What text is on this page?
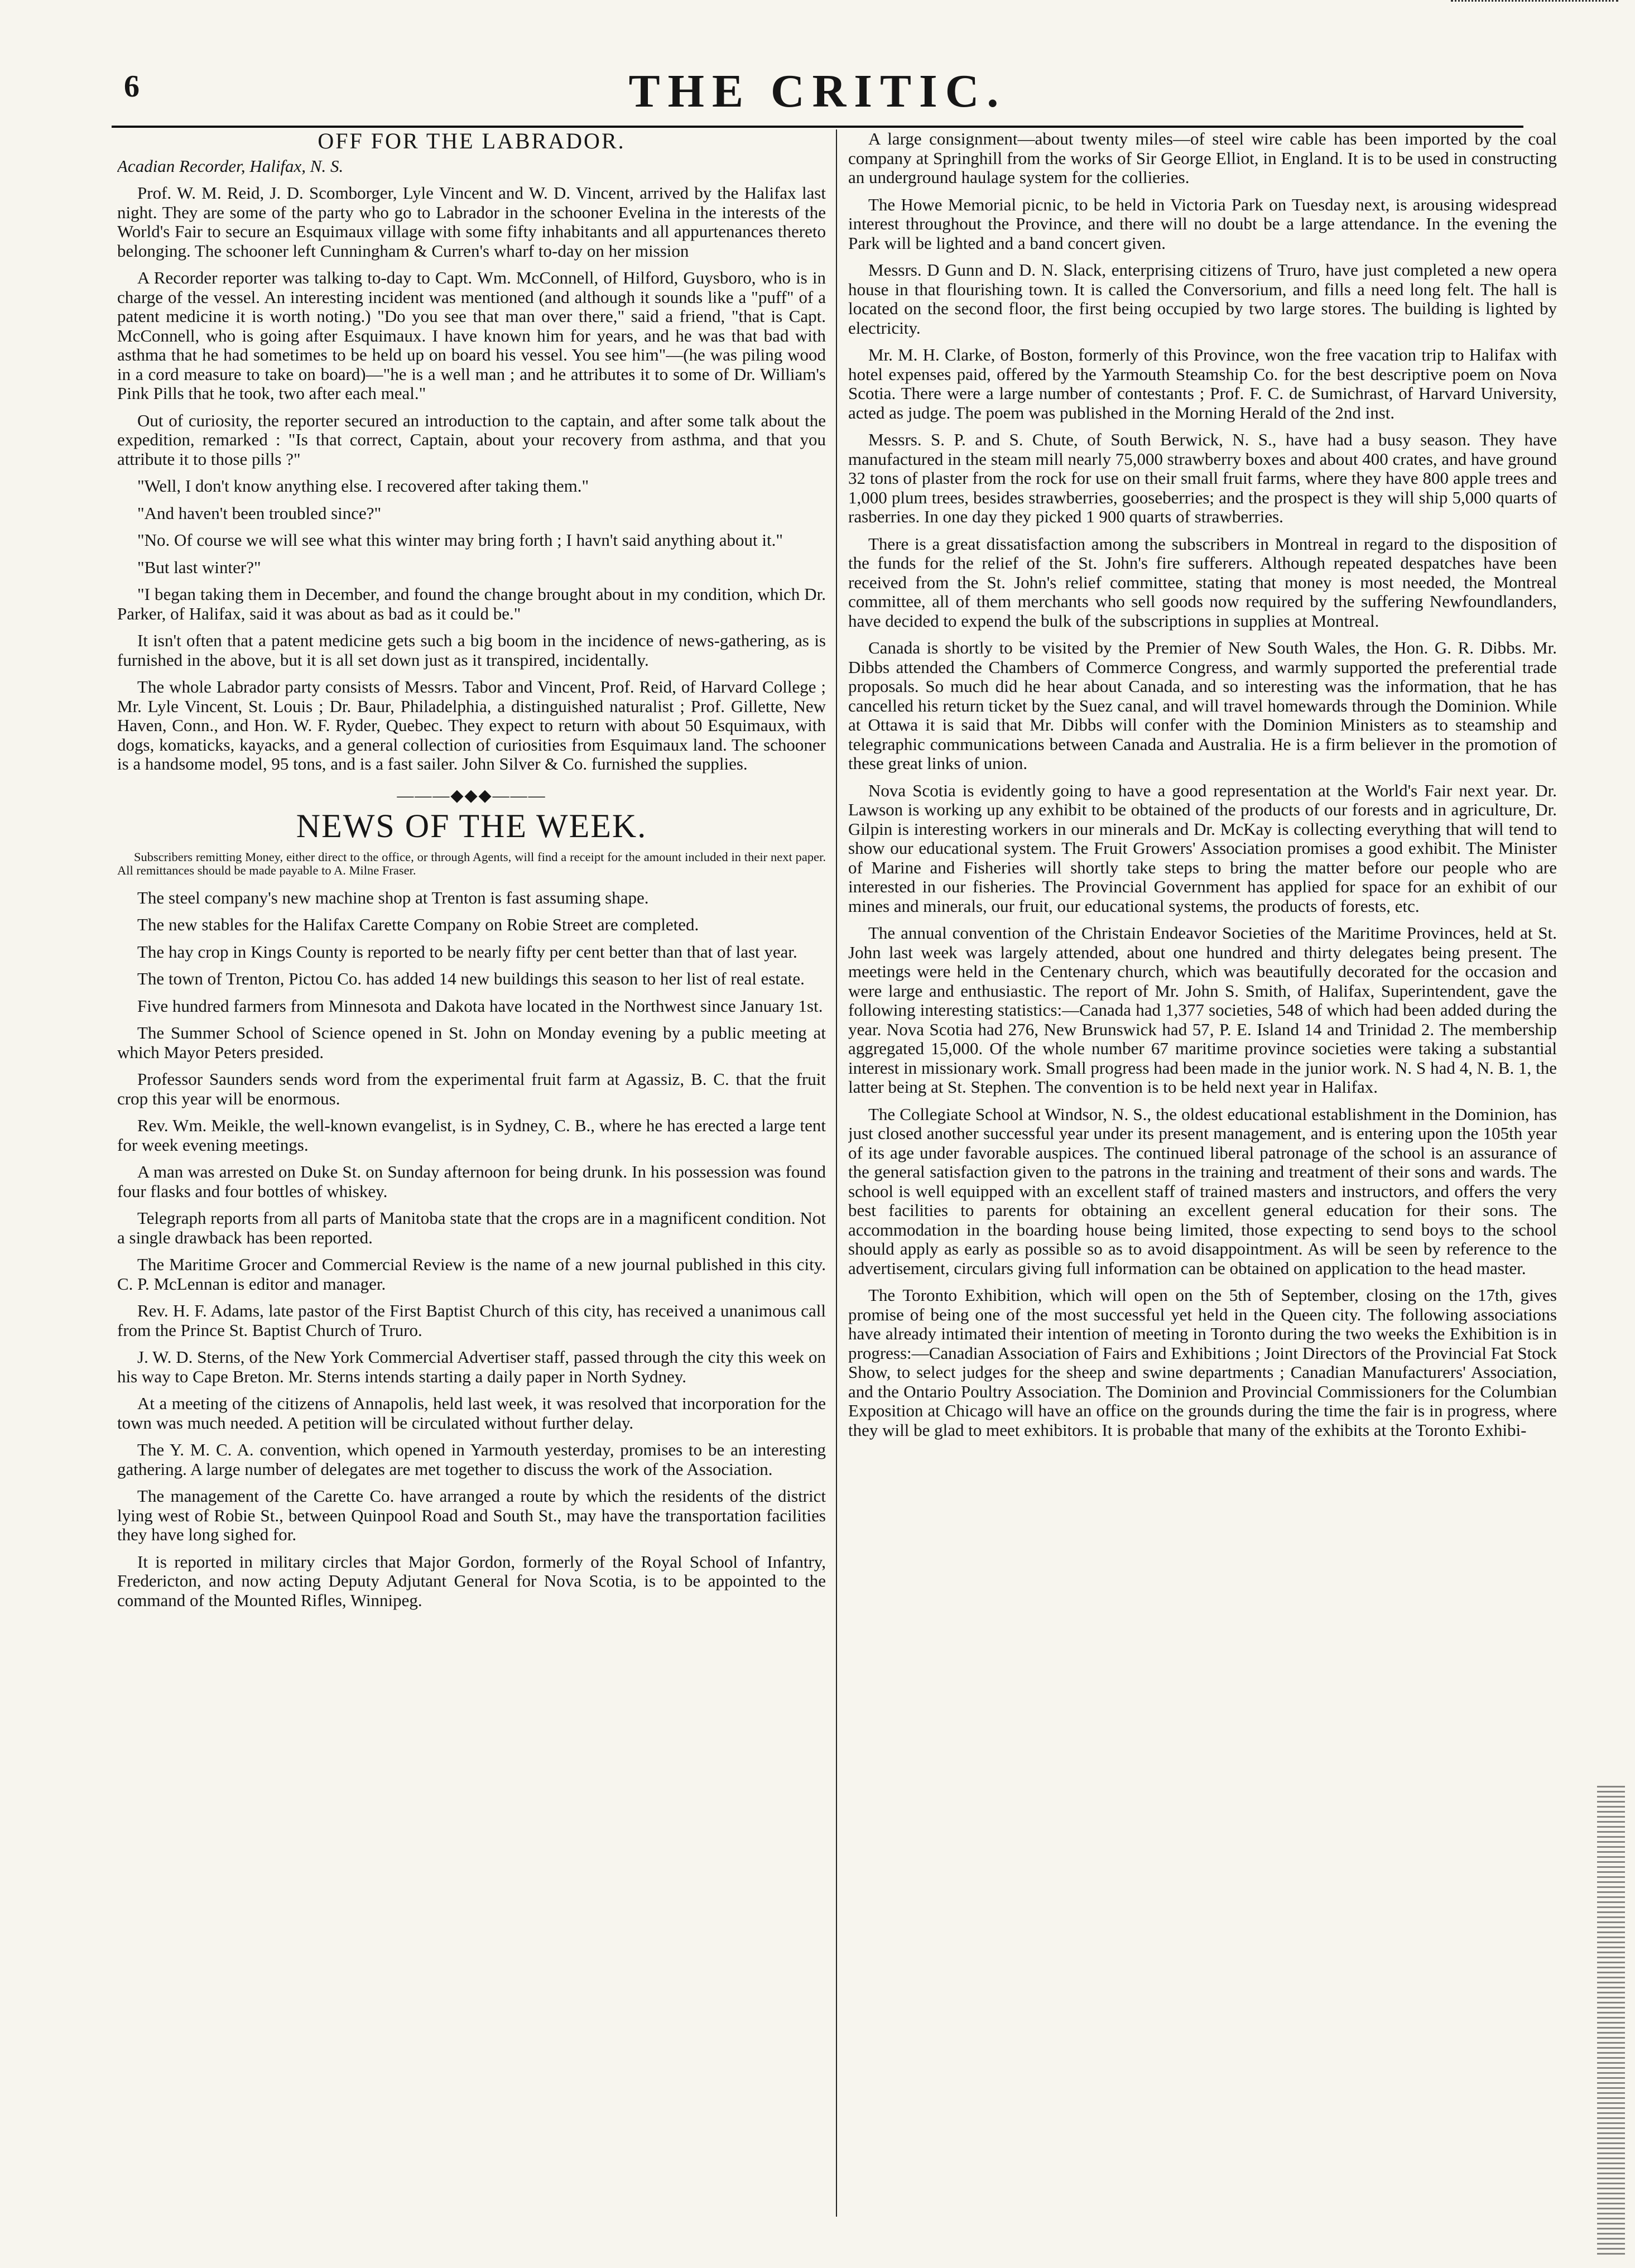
6	THE CRITIC.
OFF FOR THE LABRADOR.

Acadian Recorder, Halifax, N. S.

Prof. W. M. Reid, J. D. Scomborger, Lyle Vincent and W. D. Vincent, arrived by the Halifax last night. They are some of the party who go to Labrador in the schooner Evelina in the interests of the World's Fair to secure an Esquimaux village with some fifty inhabitants and all appurtenances thereto belonging. The schooner left Cunningham & Curren's wharf to-day on her mission

A Recorder reporter was talking to-day to Capt. Wm. McConnell, of Hilford, Guysboro, who is in charge of the vessel. An interesting incident was mentioned (and although it sounds like a "puff" of a patent medicine it is worth noting.) "Do you see that man over there," said a friend, "that is Capt. McConnell, who is going after Esquimaux. I have known him for years, and he was that bad with asthma that he had sometimes to be held up on board his vessel. You see him"—(he was piling wood in a cord measure to take on board)—"he is a well man ; and he attributes it to some of Dr. William's Pink Pills that he took, two after each meal."

Out of curiosity, the reporter secured an introduction to the captain, and after some talk about the expedition, remarked : "Is that correct, Captain, about your recovery from asthma, and that you attribute it to those pills ?"

"Well, I don't know anything else. I recovered after taking them."

"And haven't been troubled since?"

"No. Of course we will see what this winter may bring forth ; I havn't said anything about it."

"But last winter?"

"I began taking them in December, and found the change brought about in my condition, which Dr. Parker, of Halifax, said it was about as bad as it could be."

It isn't often that a patent medicine gets such a big boom in the incidence of news-gathering, as is furnished in the above, but it is all set down just as it transpired, incidentally.

The whole Labrador party consists of Messrs. Tabor and Vincent, Prof. Reid, of Harvard College ; Mr. Lyle Vincent, St. Louis ; Dr. Baur, Philadelphia, a distinguished naturalist ; Prof. Gillette, New Haven, Conn., and Hon. W. F. Ryder, Quebec. They expect to return with about 50 Esquimaux, with dogs, komaticks, kayacks, and a general collection of curiosities from Esquimaux land. The schooner is a handsome model, 95 tons, and is a fast sailer. John Silver & Co. furnished the supplies.

———◆◆◆———
NEWS OF THE WEEK.
Subscribers remitting Money, either direct to the office, or through Agents, will find a receipt for the amount included in their next paper. All remittances should be made payable to A. Milne Fraser.

The steel company's new machine shop at Trenton is fast assuming shape.

The new stables for the Halifax Carette Company on Robie Street are completed.

The hay crop in Kings County is reported to be nearly fifty per cent better than that of last year.

The town of Trenton, Pictou Co. has added 14 new buildings this season to her list of real estate.

Five hundred farmers from Minnesota and Dakota have located in the Northwest since January 1st.

The Summer School of Science opened in St. John on Monday evening by a public meeting at which Mayor Peters presided.

Professor Saunders sends word from the experimental fruit farm at Agassiz, B. C. that the fruit crop this year will be enormous.

Rev. Wm. Meikle, the well-known evangelist, is in Sydney, C. B., where he has erected a large tent for week evening meetings.

A man was arrested on Duke St. on Sunday afternoon for being drunk. In his possession was found four flasks and four bottles of whiskey.

Telegraph reports from all parts of Manitoba state that the crops are in a magnificent condition. Not a single drawback has been reported.

The Maritime Grocer and Commercial Review is the name of a new journal published in this city. C. P. McLennan is editor and manager.

Rev. H. F. Adams, late pastor of the First Baptist Church of this city, has received a unanimous call from the Prince St. Baptist Church of Truro.

J. W. D. Sterns, of the New York Commercial Advertiser staff, passed through the city this week on his way to Cape Breton. Mr. Sterns intends starting a daily paper in North Sydney.

At a meeting of the citizens of Annapolis, held last week, it was resolved that incorporation for the town was much needed. A petition will be circulated without further delay.

The Y. M. C. A. convention, which opened in Yarmouth yesterday, promises to be an interesting gathering. A large number of delegates are met together to discuss the work of the Association.

The management of the Carette Co. have arranged a route by which the residents of the district lying west of Robie St., between Quinpool Road and South St., may have the transportation facilities they have long sighed for.

It is reported in military circles that Major Gordon, formerly of the Royal School of Infantry, Fredericton, and now acting Deputy Adjutant General for Nova Scotia, is to be appointed to the command of the Mounted Rifles, Winnipeg.

A large consignment—about twenty miles—of steel wire cable has been imported by the coal company at Springhill from the works of Sir George Elliot, in England. It is to be used in constructing an underground haulage system for the collieries.

The Howe Memorial picnic, to be held in Victoria Park on Tuesday next, is arousing widespread interest throughout the Province, and there will no doubt be a large attendance. In the evening the Park will be lighted and a band concert given.

Messrs. D Gunn and D. N. Slack, enterprising citizens of Truro, have just completed a new opera house in that flourishing town. It is called the Conversorium, and fills a need long felt. The hall is located on the second floor, the first being occupied by two large stores. The building is lighted by electricity.

Mr. M. H. Clarke, of Boston, formerly of this Province, won the free vacation trip to Halifax with hotel expenses paid, offered by the Yarmouth Steamship Co. for the best descriptive poem on Nova Scotia. There were a large number of contestants ; Prof. F. C. de Sumichrast, of Harvard University, acted as judge. The poem was published in the Morning Herald of the 2nd inst.

Messrs. S. P. and S. Chute, of South Berwick, N. S., have had a busy season. They have manufactured in the steam mill nearly 75,000 strawberry boxes and about 400 crates, and have ground 32 tons of plaster from the rock for use on their small fruit farms, where they have 800 apple trees and 1,000 plum trees, besides strawberries, gooseberries; and the prospect is they will ship 5,000 quarts of rasberries. In one day they picked 1 900 quarts of strawberries.

There is a great dissatisfaction among the subscribers in Montreal in regard to the disposition of the funds for the relief of the St. John's fire sufferers. Although repeated despatches have been received from the St. John's relief committee, stating that money is most needed, the Montreal committee, all of them merchants who sell goods now required by the suffering Newfoundlanders, have decided to expend the bulk of the subscriptions in supplies at Montreal.

Canada is shortly to be visited by the Premier of New South Wales, the Hon. G. R. Dibbs. Mr. Dibbs attended the Chambers of Commerce Congress, and warmly supported the preferential trade proposals. So much did he hear about Canada, and so interesting was the information, that he has cancelled his return ticket by the Suez canal, and will travel homewards through the Dominion. While at Ottawa it is said that Mr. Dibbs will confer with the Dominion Ministers as to steamship and telegraphic communications between Canada and Australia. He is a firm believer in the promotion of these great links of union.

Nova Scotia is evidently going to have a good representation at the World's Fair next year. Dr. Lawson is working up any exhibit to be obtained of the products of our forests and in agriculture, Dr. Gilpin is interesting workers in our minerals and Dr. McKay is collecting everything that will tend to show our educational system. The Fruit Growers' Association promises a good exhibit. The Minister of Marine and Fisheries will shortly take steps to bring the matter before our people who are interested in our fisheries. The Provincial Government has applied for space for an exhibit of our mines and minerals, our fruit, our educational systems, the products of forests, etc.

The annual convention of the Christain Endeavor Societies of the Maritime Provinces, held at St. John last week was largely attended, about one hundred and thirty delegates being present. The meetings were held in the Centenary church, which was beautifully decorated for the occasion and were large and enthusiastic. The report of Mr. John S. Smith, of Halifax, Superintendent, gave the following interesting statistics:—Canada had 1,377 societies, 548 of which had been added during the year. Nova Scotia had 276, New Brunswick had 57, P. E. Island 14 and Trinidad 2. The membership aggregated 15,000. Of the whole number 67 maritime province societies were taking a substantial interest in missionary work. Small progress had been made in the junior work. N. S had 4, N. B. 1, the latter being at St. Stephen. The convention is to be held next year in Halifax.

The Collegiate School at Windsor, N. S., the oldest educational establishment in the Dominion, has just closed another successful year under its present management, and is entering upon the 105th year of its age under favorable auspices. The continued liberal patronage of the school is an assurance of the general satisfaction given to the patrons in the training and treatment of their sons and wards. The school is well equipped with an excellent staff of trained masters and instructors, and offers the very best facilities to parents for obtaining an excellent general education for their sons. The accommodation in the boarding house being limited, those expecting to send boys to the school should apply as early as possible so as to avoid disappointment. As will be seen by reference to the advertisement, circulars giving full information can be obtained on application to the head master.

The Toronto Exhibition, which will open on the 5th of September, closing on the 17th, gives promise of being one of the most successful yet held in the Queen city. The following associations have already intimated their intention of meeting in Toronto during the two weeks the Exhibition is in progress:—Canadian Association of Fairs and Exhibitions ; Joint Directors of the Provincial Fat Stock Show, to select judges for the sheep and swine departments ; Canadian Manufacturers' Association, and the Ontario Poultry Association. The Dominion and Provincial Commissioners for the Columbian Exposition at Chicago will have an office on the grounds during the time the fair is in progress, where they will be glad to meet exhibitors. It is probable that many of the exhibits at the Toronto Exhibi-
